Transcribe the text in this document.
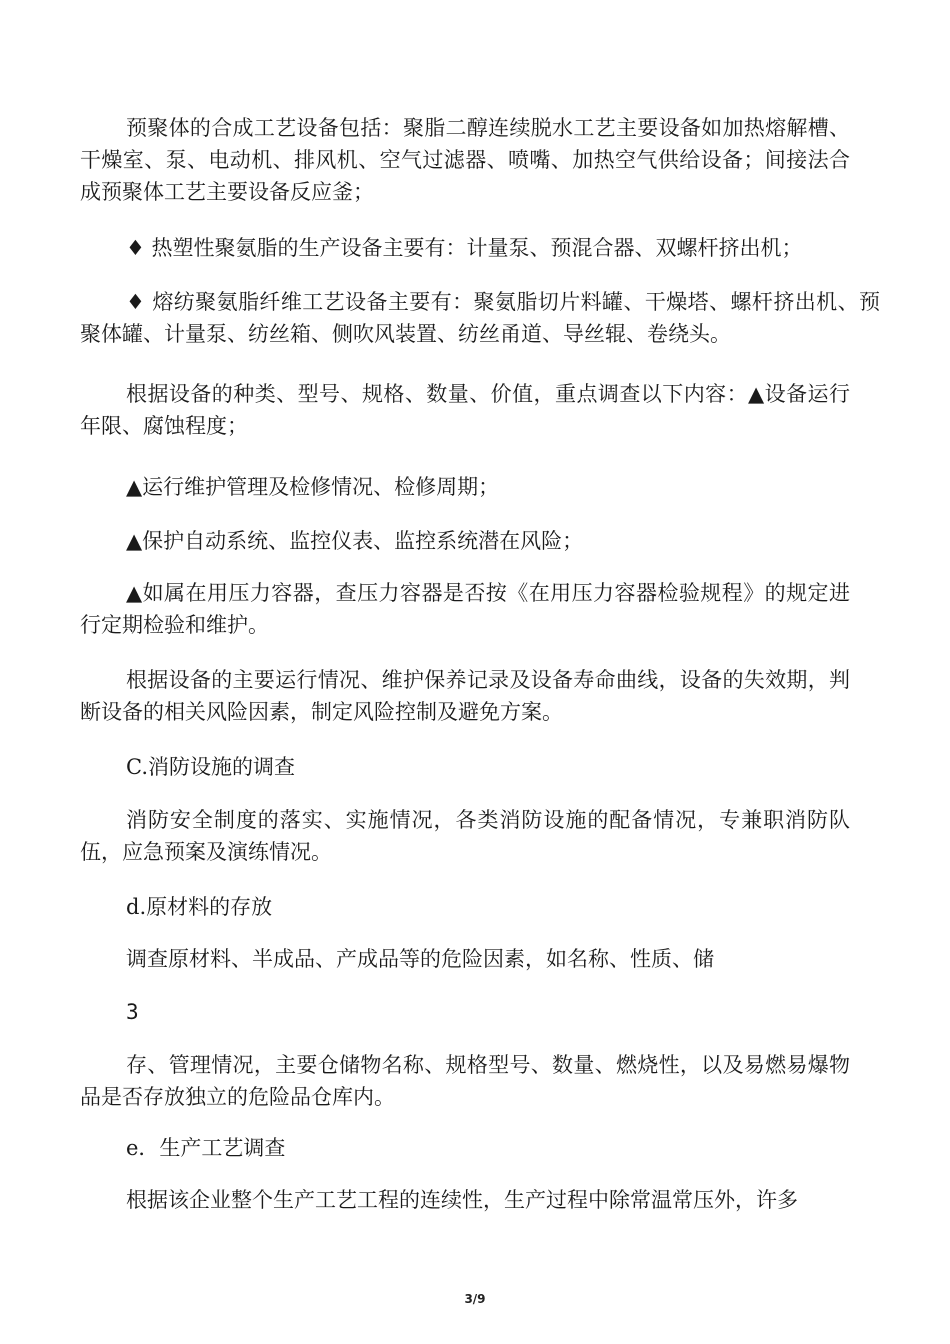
预聚体的合成工艺设备包括：聚脂二醇连续脱水工艺主要设备如加热熔解槽、干燥室、泵、电动机、排风机、空气过滤器、喷嘴、加热空气供给设备；间接法合成预聚体工艺主要设备反应釜；

♦ 热塑性聚氨脂的生产设备主要有：计量泵、预混合器、双螺杆挤出机；

♦ 熔纺聚氨脂纤维工艺设备主要有：聚氨脂切片料罐、干燥塔、螺杆挤出机、预聚体罐、计量泵、纺丝箱、侧吹风装置、纺丝甬道、导丝辊、卷绕头。

根据设备的种类、型号、规格、数量、价值，重点调查以下内容：▲设备运行年限、腐蚀程度；

▲运行维护管理及检修情况、检修周期；

▲保护自动系统、监控仪表、监控系统潜在风险；

▲如属在用压力容器，查压力容器是否按《在用压力容器检验规程》的规定进行定期检验和维护。

根据设备的主要运行情况、维护保养记录及设备寿命曲线，设备的失效期，判断设备的相关风险因素，制定风险控制及避免方案。

C.消防设施的调查

消防安全制度的落实、实施情况，各类消防设施的配备情况，专兼职消防队伍，应急预案及演练情况。

d.原材料的存放

调查原材料、半成品、产成品等的危险因素，如名称、性质、储

3

存、管理情况，主要仓储物名称、规格型号、数量、燃烧性，以及易燃易爆物品是否存放独立的危险品仓库内。

e．生产工艺调查

根据该企业整个生产工艺工程的连续性，生产过程中除常温常压外，许多

3/9
